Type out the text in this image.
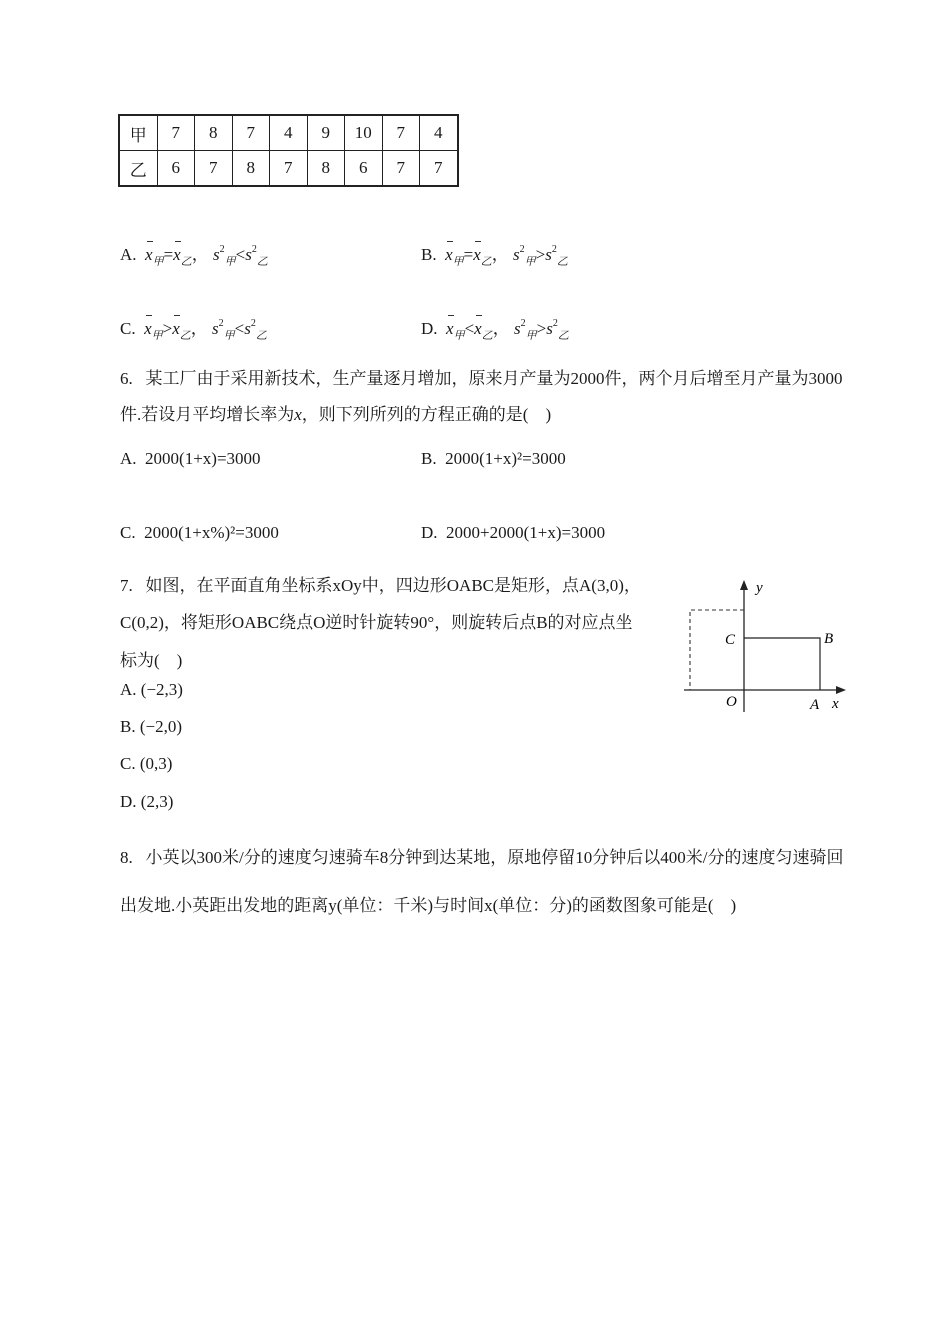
甲	7	8	7	4	9	10	7	4
乙	6	7	8	7	8	6	7	7
A. $x_甲=x_乙$， $s^2_甲<s^2_乙$	B. $x_甲=x_乙$， $s^2_甲>s^2_乙$
C. $x_甲>x_乙$， $s^2_甲<s^2_乙$	D. $x_甲<x_乙$， $s^2_甲>s^2_乙$
6. 某工厂由于采用新技术，生产量逐月增加，原来月产量为2000件，两个月后增至月产量为3000
件.若设月平均增长率为x，则下列所列的方程正确的是(　)
A. 2000(1+x)=3000	B. 2000(1+x)²=3000
C. 2000(1+x%)²=3000	D. 2000+2000(1+x)=3000
7. 如图，在平面直角坐标系xOy中，四边形OABC是矩形，点A(3,0)，
C(0,2)，将矩形OABC绕点O逆时针旋转90°，则旋转后点B的对应点坐
标为(　)
A. (−2,3)
B. (−2,0)
C. (0,3)
D. (2,3)
y
x
O	A
B
C
8. 小英以300米/分的速度匀速骑车8分钟到达某地，原地停留10分钟后以400米/分的速度匀速骑回
出发地.小英距出发地的距离y(单位：千米)与时间x(单位：分)的函数图象可能是(　)
